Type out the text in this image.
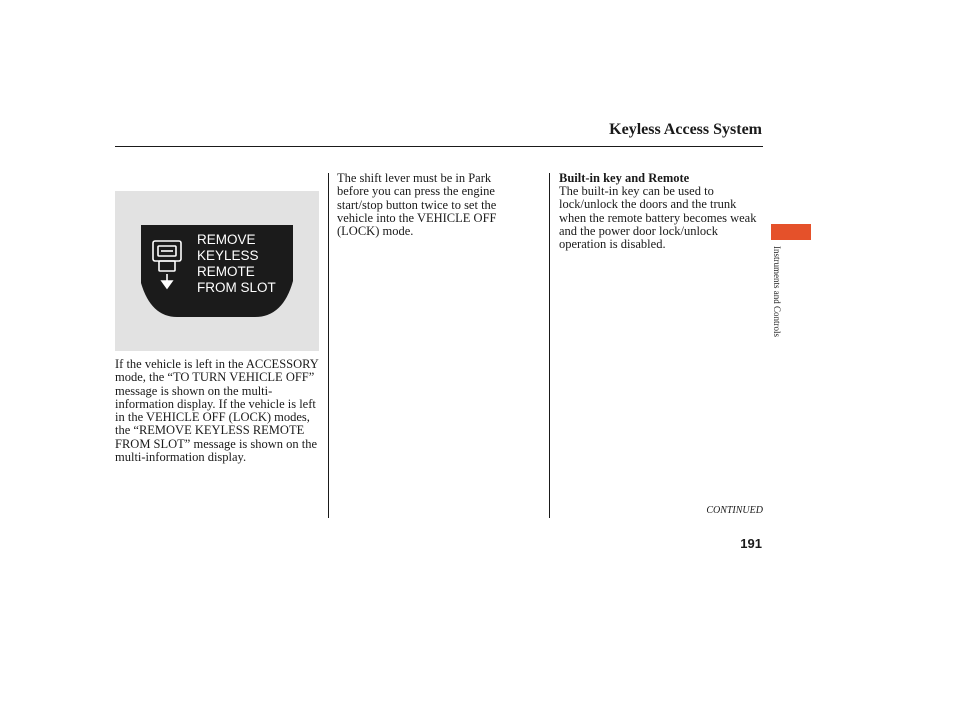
Keyless Access System
REMOVE
KEYLESS
REMOTE
FROM SLOT

If the vehicle is left in the ACCESSORY mode, the “TO TURN VEHICLE OFF” message is shown on the multi-information display. If the vehicle is left in the VEHICLE OFF (LOCK) modes, the “REMOVE KEYLESS REMOTE FROM SLOT” message is shown on the multi-information display.

The shift lever must be in Park before you can press the engine start/stop button twice to set the vehicle into the VEHICLE OFF (LOCK) mode.

Built-in key and Remote

The built-in key can be used to lock/unlock the doors and the trunk when the remote battery becomes weak and the power door lock/unlock operation is disabled.

Instruments and Controls
CONTINUED
191
